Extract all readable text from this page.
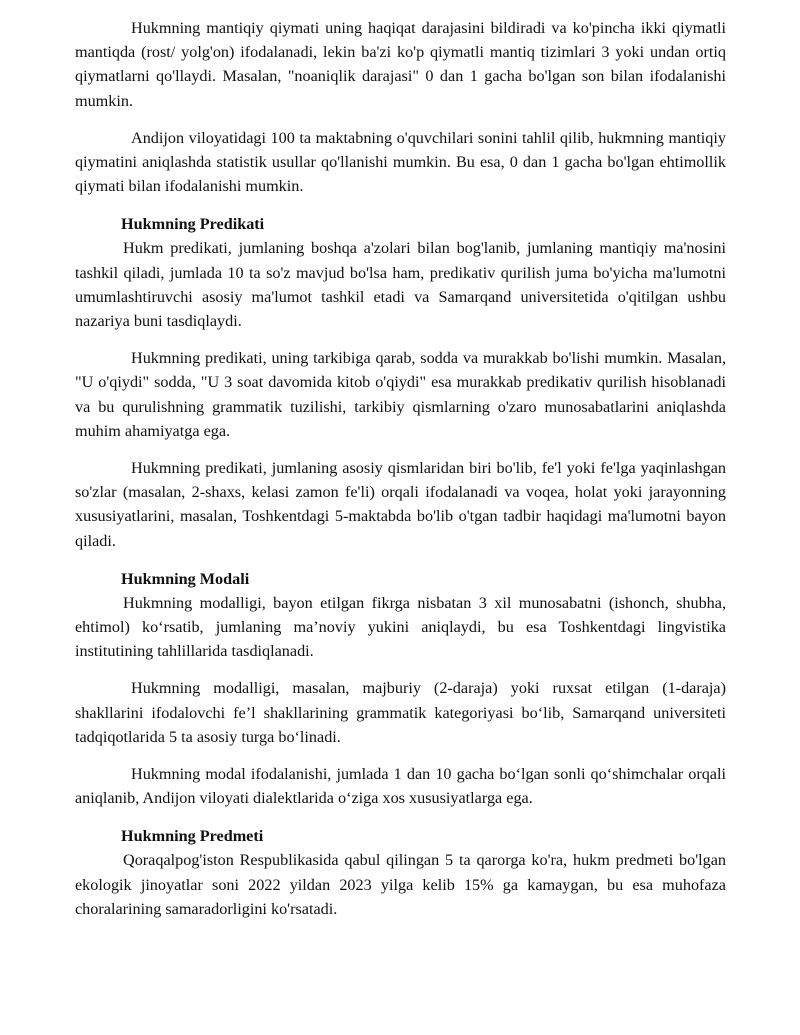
Hukmning mantiqiy qiymati uning haqiqat darajasini bildiradi va ko'pincha ikki qiymatli mantiqda (rost/ yolg'on) ifodalanadi, lekin ba'zi ko'p qiymatli mantiq tizimlari 3 yoki undan ortiq qiymatlarni qo'llaydi. Masalan, "noaniqlik darajasi" 0 dan 1 gacha bo'lgan son bilan ifodalanishi mumkin.

Andijon viloyatidagi 100 ta maktabning o'quvchilari sonini tahlil qilib, hukmning mantiqiy qiymatini aniqlashda statistik usullar qo'llanishi mumkin. Bu esa, 0 dan 1 gacha bo'lgan ehtimollik qiymati bilan ifodalanishi mumkin.

Hukmning Predikati

Hukm predikati, jumlaning boshqa a'zolari bilan bog'lanib, jumlaning mantiqiy ma'nosini tashkil qiladi, jumlada 10 ta so'z mavjud bo'lsa ham, predikativ qurilish juma bo'yicha ma'lumotni umumlashtiruvchi asosiy ma'lumot tashkil etadi va Samarqand universitetida o'qitilgan ushbu nazariya buni tasdiqlaydi.

Hukmning predikati, uning tarkibiga qarab, sodda va murakkab bo'lishi mumkin. Masalan, "U o'qiydi" sodda, "U 3 soat davomida kitob o'qiydi" esa murakkab predikativ qurilish hisoblanadi va bu qurulishning grammatik tuzilishi, tarkibiy qismlarning o'zaro munosabatlarini aniqlashda muhim ahamiyatga ega.

Hukmning predikati, jumlaning asosiy qismlaridan biri bo'lib, fe'l yoki fe'lga yaqinlashgan so'zlar (masalan, 2-shaxs, kelasi zamon fe'li) orqali ifodalanadi va voqea, holat yoki jarayonning xususiyatlarini, masalan, Toshkentdagi 5-maktabda bo'lib o'tgan tadbir haqidagi ma'lumotni bayon qiladi.

Hukmning Modali

Hukmning modalligi, bayon etilgan fikrga nisbatan 3 xil munosabatni (ishonch, shubha, ehtimol) ko‘rsatib, jumlaning ma’noviy yukini aniqlaydi, bu esa Toshkentdagi lingvistika institutining tahlillarida tasdiqlanadi.

Hukmning modalligi, masalan, majburiy (2-daraja) yoki ruxsat etilgan (1-daraja) shakllarini ifodalovchi fe’l shakllarining grammatik kategoriyasi bo‘lib, Samarqand universiteti tadqiqotlarida 5 ta asosiy turga bo‘linadi.

Hukmning modal ifodalanishi, jumlada 1 dan 10 gacha bo‘lgan sonli qo‘shimchalar orqali aniqlanib, Andijon viloyati dialektlarida o‘ziga xos xususiyatlarga ega.

Hukmning Predmeti

Qoraqalpog'iston Respublikasida qabul qilingan 5 ta qarorga ko'ra, hukm predmeti bo'lgan ekologik jinoyatlar soni 2022 yildan 2023 yilga kelib 15% ga kamaygan, bu esa muhofaza choralarining samaradorligini ko'rsatadi.
